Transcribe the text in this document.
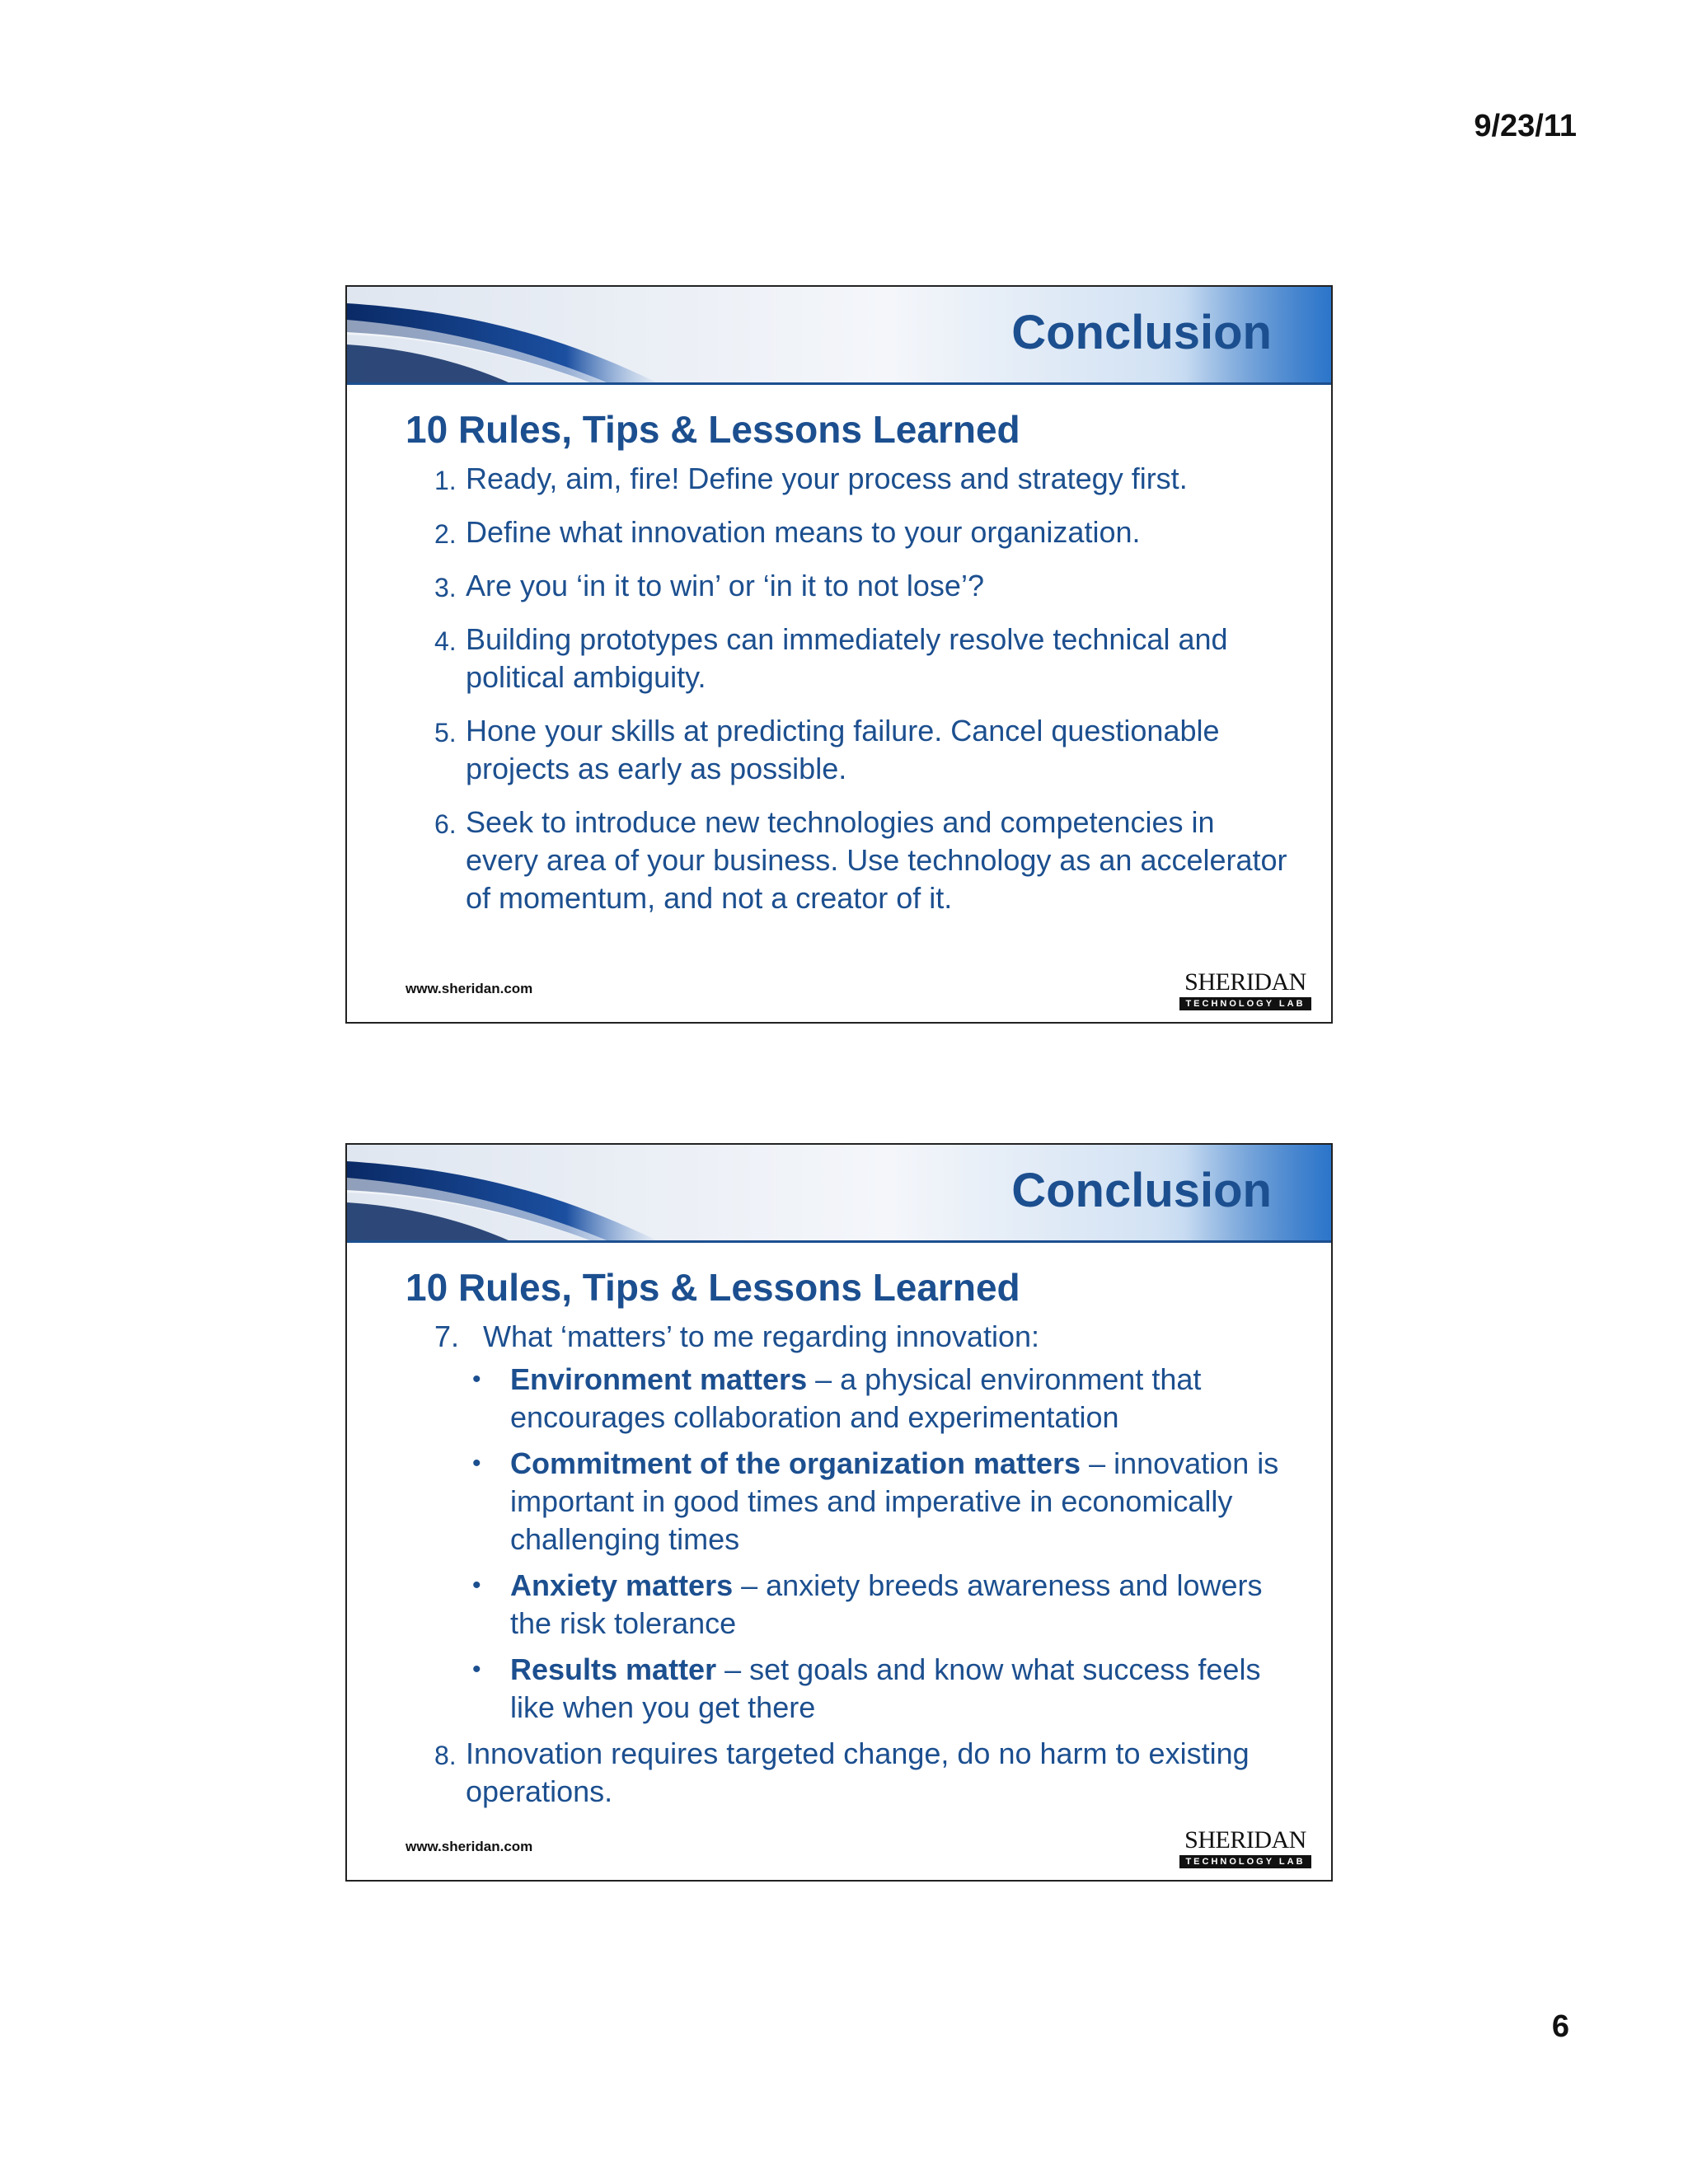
9/23/11
Conclusion
10 Rules, Tips & Lessons Learned
1. Ready, aim, fire! Define your process and strategy first.
2. Define what innovation means to your organization.
3. Are you ‘in it to win’ or ‘in it to not lose’?
4. Building prototypes can immediately resolve technical and political ambiguity.
5. Hone your skills at predicting failure. Cancel questionable projects as early as possible.
6. Seek to introduce new technologies and competencies in every area of your business. Use technology as an accelerator of momentum, and not a creator of it.
www.sheridan.com	SHERIDAN
TECHNOLOGY LAB
Conclusion
10 Rules, Tips & Lessons Learned
7. What ‘matters’ to me regarding innovation:
• Environment matters – a physical environment that encourages collaboration and experimentation
• Commitment of the organization matters – innovation is important in good times and imperative in economically challenging times
• Anxiety matters – anxiety breeds awareness and lowers the risk tolerance
• Results matter – set goals and know what success feels like when you get there
8. Innovation requires targeted change, do no harm to existing operations.
www.sheridan.com	SHERIDAN
TECHNOLOGY LAB
6
